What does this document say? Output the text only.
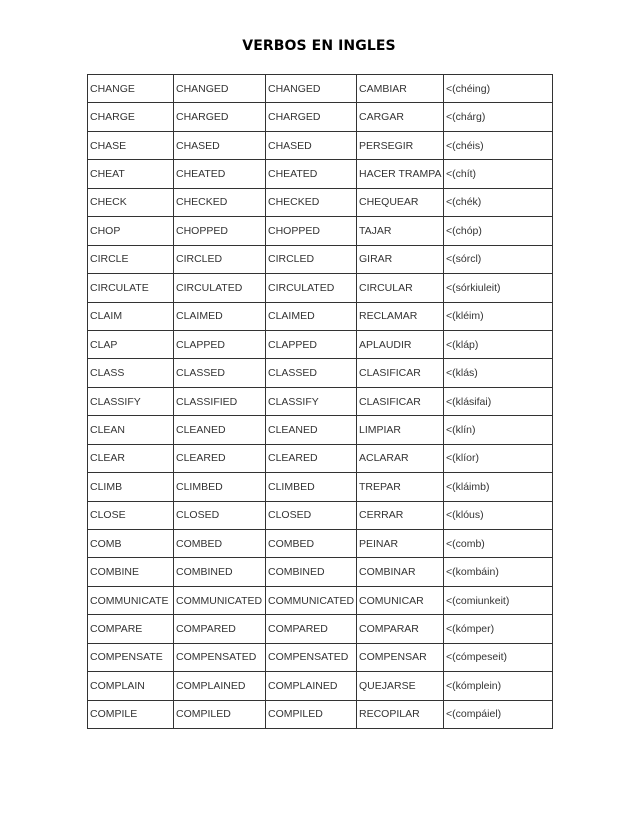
VERBOS EN INGLES
CHANGE	CHANGED	CHANGED	CAMBIAR	<(chéing)
CHARGE	CHARGED	CHARGED	CARGAR	<(chárg)
CHASE	CHASED	CHASED	PERSEGIR	<(chéis)
CHEAT	CHEATED	CHEATED	HACER TRAMPA	<(chít)
CHECK	CHECKED	CHECKED	CHEQUEAR	<(chék)
CHOP	CHOPPED	CHOPPED	TAJAR	<(chóp)
CIRCLE	CIRCLED	CIRCLED	GIRAR	<(sórcl)
CIRCULATE	CIRCULATED	CIRCULATED	CIRCULAR	<(sórkiuleit)
CLAIM	CLAIMED	CLAIMED	RECLAMAR	<(kléim)
CLAP	CLAPPED	CLAPPED	APLAUDIR	<(kláp)
CLASS	CLASSED	CLASSED	CLASIFICAR	<(klás)
CLASSIFY	CLASSIFIED	CLASSIFY	CLASIFICAR	<(klásifai)
CLEAN	CLEANED	CLEANED	LIMPIAR	<(klín)
CLEAR	CLEARED	CLEARED	ACLARAR	<(klíor)
CLIMB	CLIMBED	CLIMBED	TREPAR	<(kláimb)
CLOSE	CLOSED	CLOSED	CERRAR	<(klóus)
COMB	COMBED	COMBED	PEINAR	<(comb)
COMBINE	COMBINED	COMBINED	COMBINAR	<(kombáin)
COMMUNICATE	COMMUNICATED	COMMUNICATED	COMUNICAR	<(comiunkeit)
COMPARE	COMPARED	COMPARED	COMPARAR	<(kómper)
COMPENSATE	COMPENSATED	COMPENSATED	COMPENSAR	<(cómpeseit)
COMPLAIN	COMPLAINED	COMPLAINED	QUEJARSE	<(kómplein)
COMPILE	COMPILED	COMPILED	RECOPILAR	<(compáiel)
